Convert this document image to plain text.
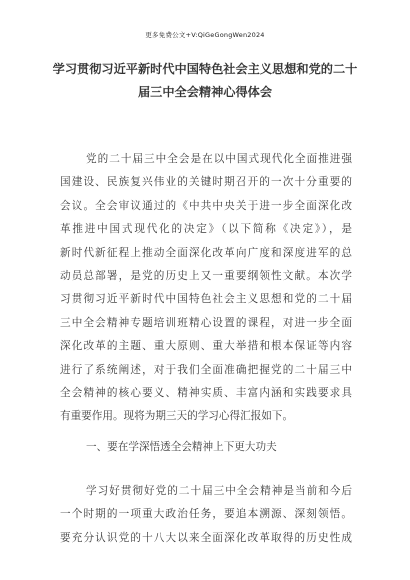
更多免费公文+V:QiGeGongWen2024
学习贯彻习近平新时代中国特色社会主义思想和党的二十
届三中全会精神心得体会
党的二十届三中全会是在以中国式现代化全面推进强
国建设、民族复兴伟业的关键时期召开的一次十分重要的
会议。全会审议通过的《中共中央关于进一步全面深化改
革推进中国式现代化的决定》（以下简称《决定》），是
新时代新征程上推动全面深化改革向广度和深度进军的总
动员总部署，是党的历史上又一重要纲领性文献。本次学
习贯彻习近平新时代中国特色社会主义思想和党的二十届
三中全会精神专题培训班精心设置的课程，对进一步全面
深化改革的主题、重大原则、重大举措和根本保证等内容
进行了系统阐述，对于我们全面准确把握党的二十届三中
全会精神的核心要义、精神实质、丰富内涵和实践要求具
有重要作用。现将为期三天的学习心得汇报如下。
一、要在学深悟透全会精神上下更大功夫
学习好贯彻好党的二十届三中全会精神是当前和今后
一个时期的一项重大政治任务，要追本溯源、深刻领悟。
要充分认识党的十八大以来全面深化改革取得的历史性成
